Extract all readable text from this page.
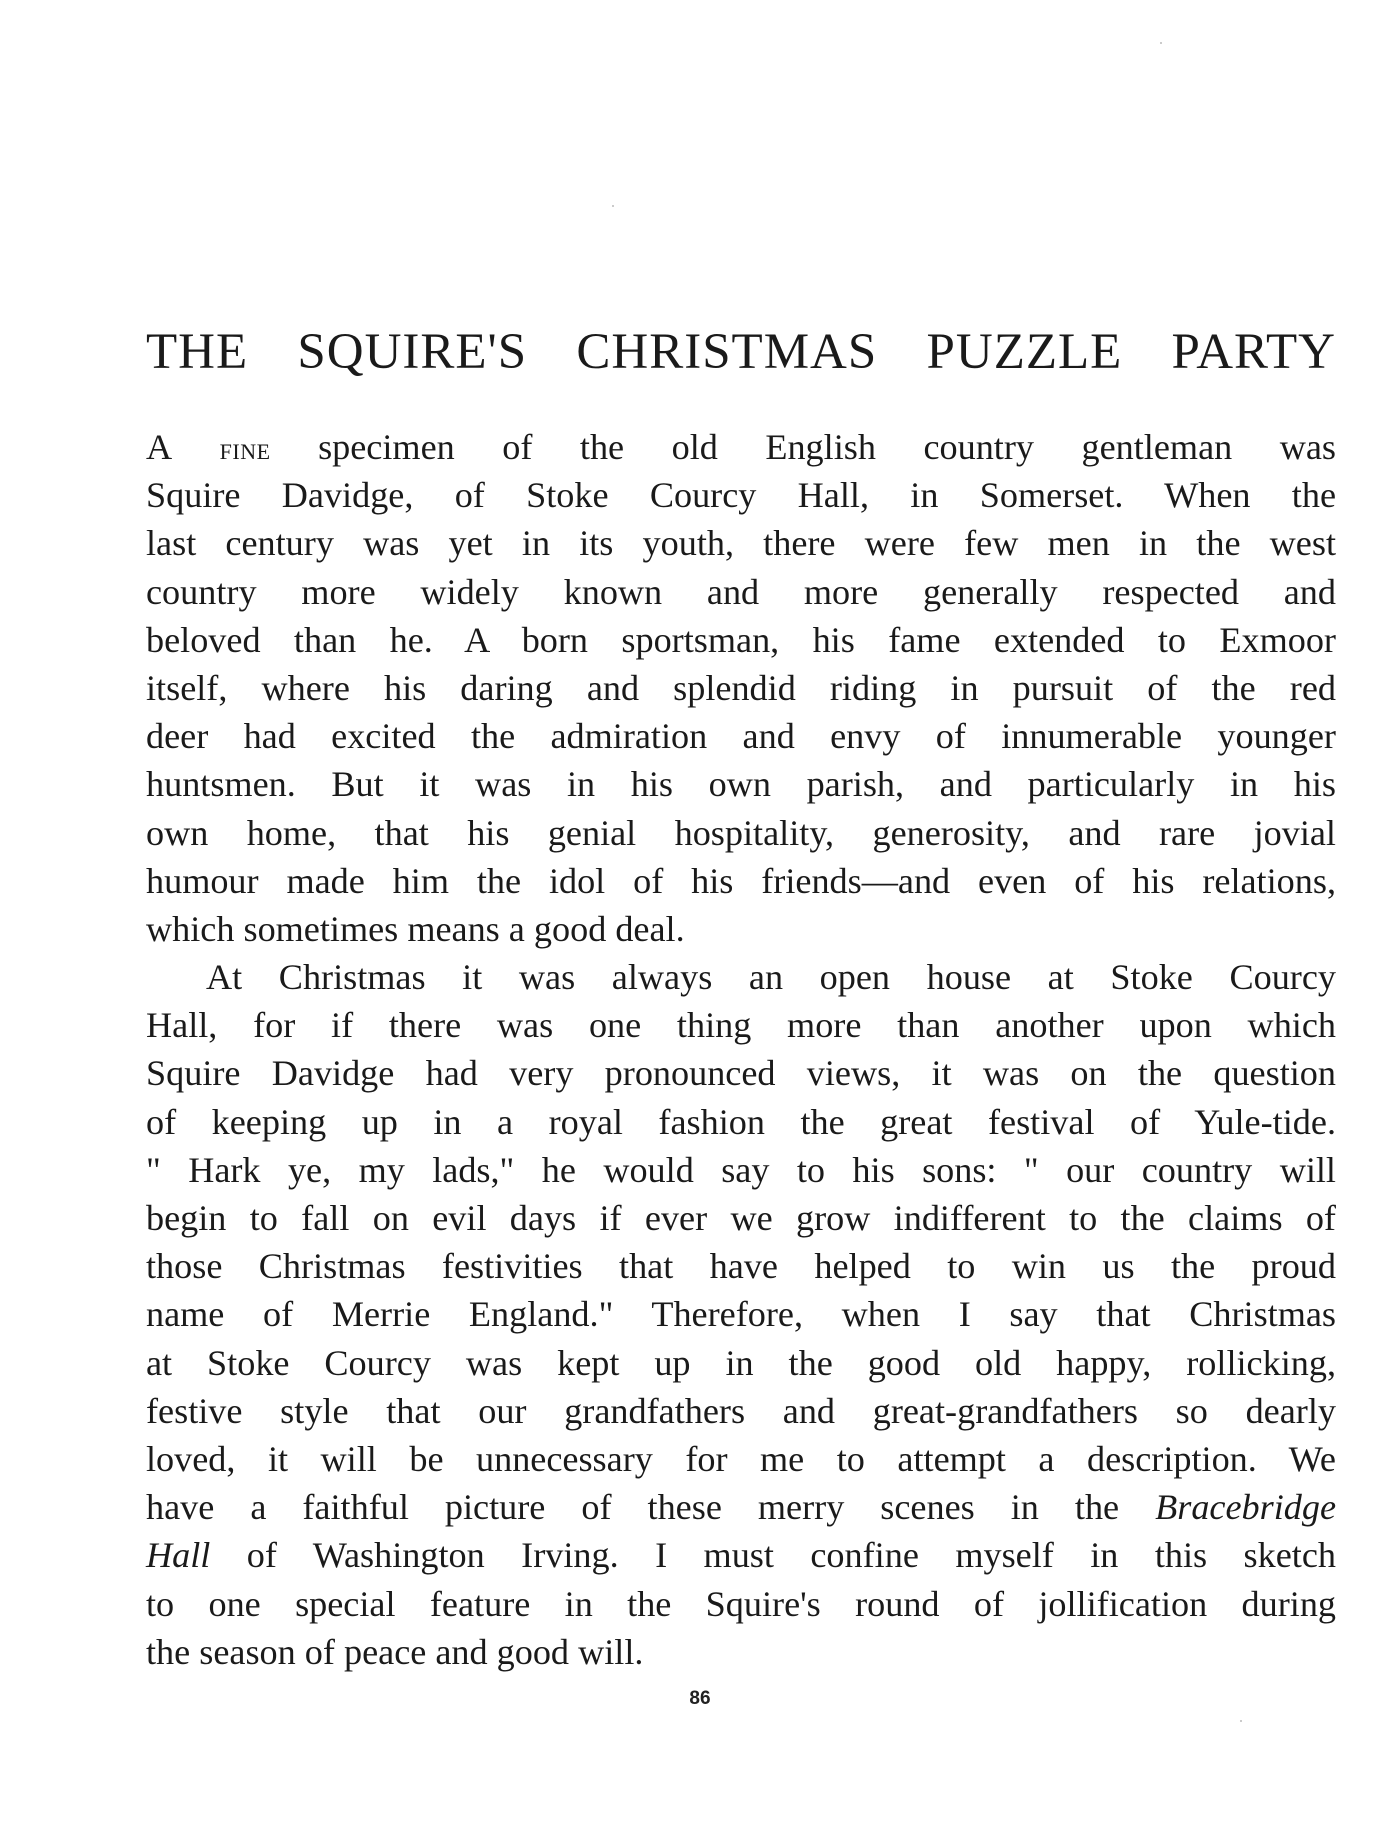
THE SQUIRE'S CHRISTMAS PUZZLE PARTY
A fine specimen of the old English country gentleman was
Squire Davidge, of Stoke Courcy Hall, in Somerset. When the
last century was yet in its youth, there were few men in the west
country more widely known and more generally respected and
beloved than he. A born sportsman, his fame extended to Exmoor
itself, where his daring and splendid riding in pursuit of the red
deer had excited the admiration and envy of innumerable younger
huntsmen. But it was in his own parish, and particularly in his
own home, that his genial hospitality, generosity, and rare jovial
humour made him the idol of his friends—and even of his relations,
which sometimes means a good deal.
At Christmas it was always an open house at Stoke Courcy
Hall, for if there was one thing more than another upon which
Squire Davidge had very pronounced views, it was on the question
of keeping up in a royal fashion the great festival of Yule-tide.
" Hark ye, my lads," he would say to his sons: " our country will
begin to fall on evil days if ever we grow indifferent to the claims of
those Christmas festivities that have helped to win us the proud
name of Merrie England." Therefore, when I say that Christmas
at Stoke Courcy was kept up in the good old happy, rollicking,
festive style that our grandfathers and great-grandfathers so dearly
loved, it will be unnecessary for me to attempt a description. We
have a faithful picture of these merry scenes in the Bracebridge
Hall of Washington Irving. I must confine myself in this sketch
to one special feature in the Squire's round of jollification during
the season of peace and good will.
86
